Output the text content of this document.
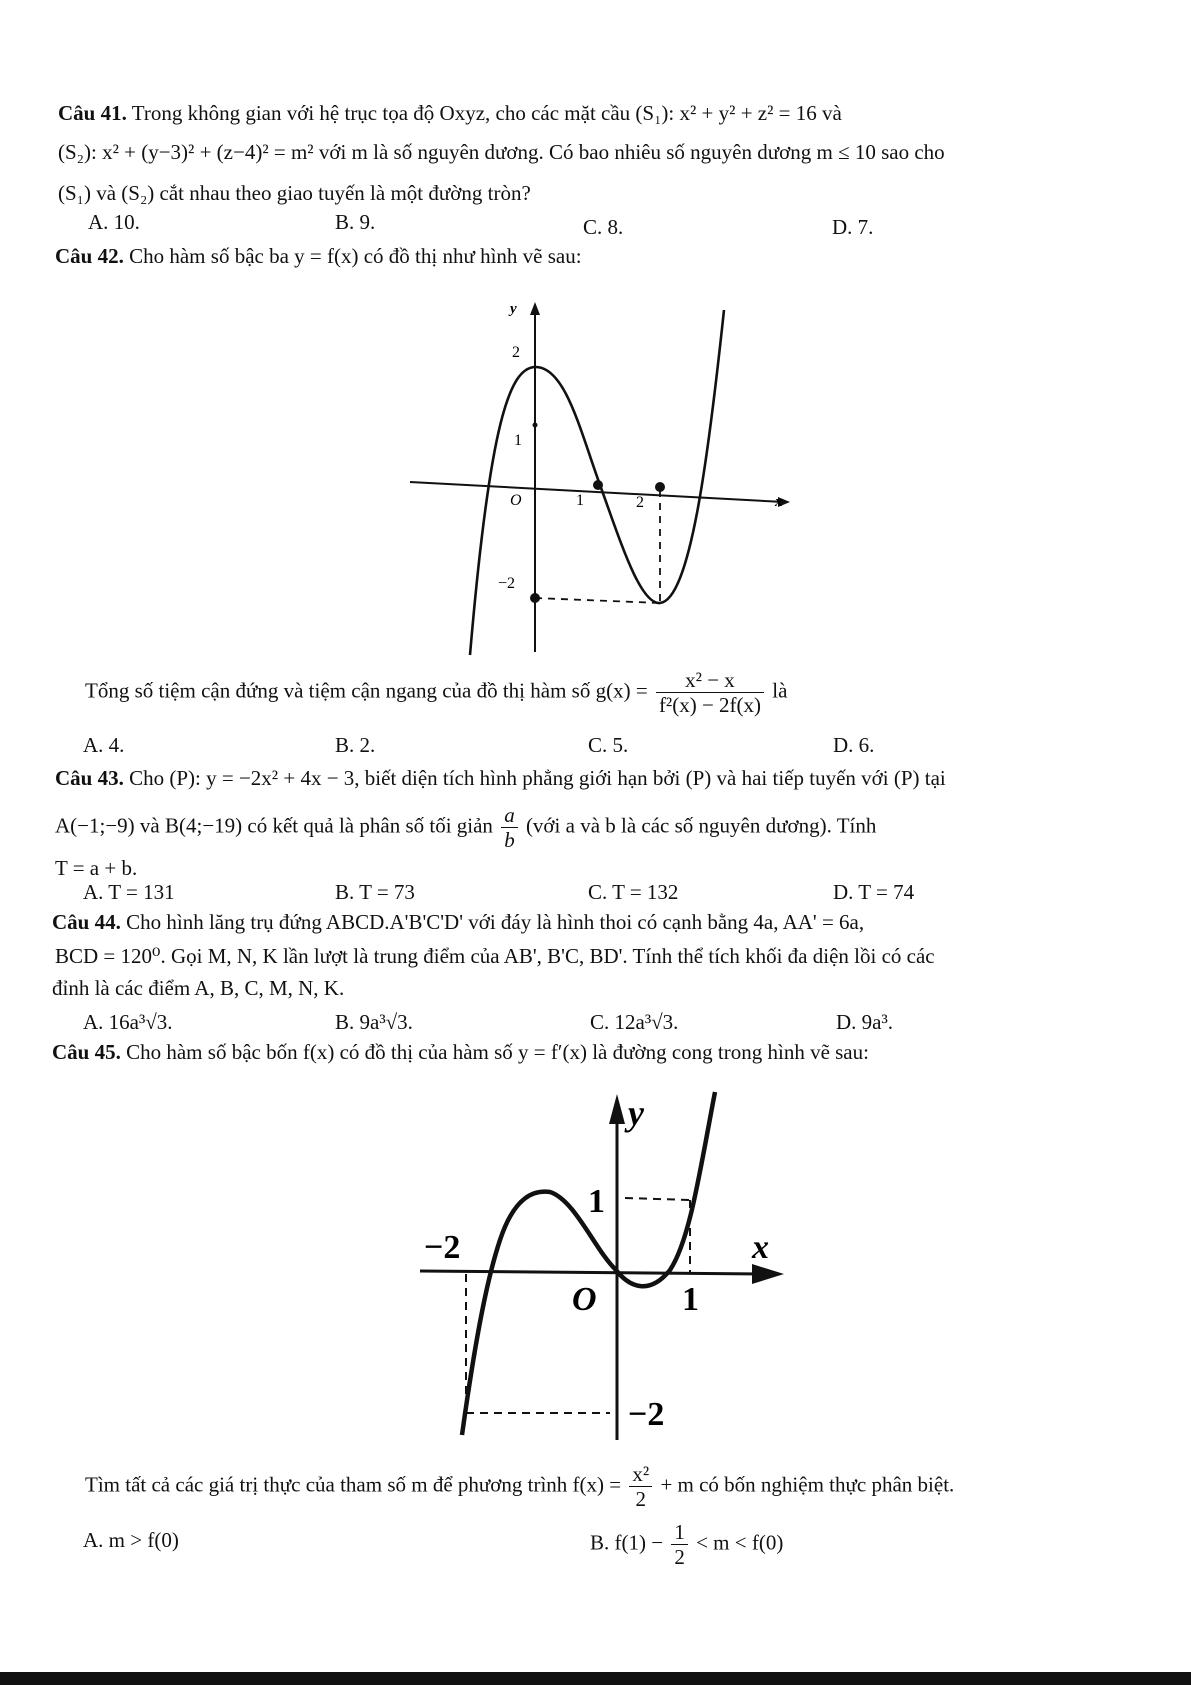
Câu 41. Trong không gian với hệ trục tọa độ Oxyz, cho các mặt cầu (S₁): x² + y² + z² = 16 và
(S₂): x² + (y−3)² + (z−4)² = m² với m là số nguyên dương. Có bao nhiêu số nguyên dương m ≤ 10 sao cho
(S₁) và (S₂) cắt nhau theo giao tuyến là một đường tròn?
A. 10.	B. 9.	C. 8.	D. 7.
Câu 42. Cho hàm số bậc ba y = f(x) có đồ thị như hình vẽ sau:
y
2
1
−2
O	1	2	x
Tổng số tiệm cận đứng và tiệm cận ngang của đồ thị hàm số $g(x) = \frac{\text{x² − x}}{\text{f²(x) − 2f(x)}}$ là
A. 4.	B. 2.	C. 5.	D. 6.
Câu 43. Cho (P): y = −2x² + 4x − 3, biết diện tích hình phẳng giới hạn bởi (P) và hai tiếp tuyến với (P) tại
A(−1;−9) và B(4;−19) có kết quả là phân số tối giản $\frac{a}{b}$ (với a và b là các số nguyên dương). Tính
T = a + b.
A. T = 131	B. T = 73	C. T = 132	D. T = 74
Câu 44. Cho hình lăng trụ đứng ABCD.A'B'C'D' với đáy là hình thoi có cạnh bằng 4a, AA' = 6a,
BCD = 120⁰. Gọi M, N, K lần lượt là trung điểm của AB', B'C, BD'. Tính thể tích khối đa diện lồi có các
đỉnh là các điểm A, B, C, M, N, K.
A. 16a³√3.	B. 9a³√3.	C. 12a³√3.	D. 9a³.
Câu 45. Cho hàm số bậc bốn f(x) có đồ thị của hàm số y = f′(x) là đường cong trong hình vẽ sau:
y
1
−2
O	1
x
−2
Tìm tất cả các giá trị thực của tham số m để phương trình $f(x) = \frac{\text{x²}}{2} + m$ có bốn nghiệm thực phân biệt.
A. m > f(0)	B. $f(1) - \frac{1}{2} < m < f(0)$
